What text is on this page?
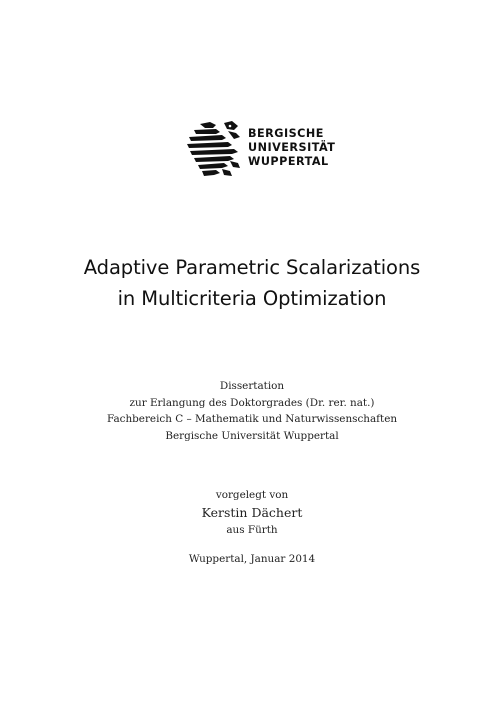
BERGISCHE
UNIVERSITÄT
WUPPERTAL
Adaptive Parametric Scalarizations
in Multicriteria Optimization
Dissertation
zur Erlangung des Doktorgrades (Dr. rer. nat.)
Fachbereich C – Mathematik und Naturwissenschaften
Bergische Universität Wuppertal
vorgelegt von
Kerstin Dächert
aus Fürth
Wuppertal, Januar 2014
